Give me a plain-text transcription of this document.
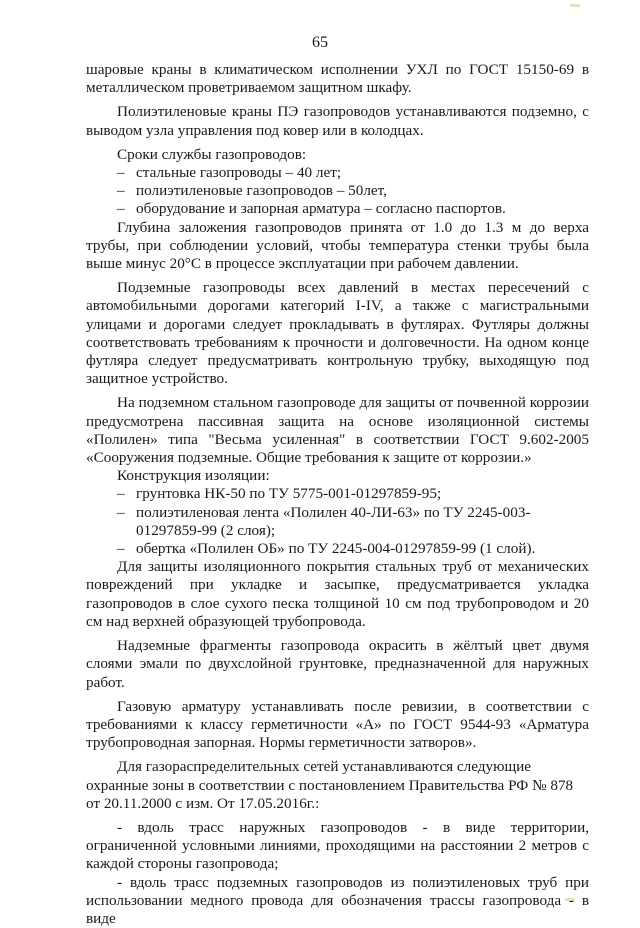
65

шаровые краны в климатическом исполнении УХЛ по ГОСТ 15150-69 в металлическом проветриваемом защитном шкафу.

Полиэтиленовые краны ПЭ газопроводов устанавливаются подземно, с выводом узла управления под ковер или в колодцах.

Сроки службы газопроводов:

– стальные газопроводы – 40 лет;

– полиэтиленовые газопроводов – 50лет,

– оборудование и запорная арматура – согласно паспортов.

Глубина заложения газопроводов принята от 1.0 до 1.3 м до верха трубы, при соблюдении условий, чтобы температура стенки трубы была выше минус 20°С в процессе эксплуатации при рабочем давлении.

Подземные газопроводы всех давлений в местах пересечений с автомобильными дорогами категорий I-IV, а также с магистральными улицами и дорогами следует прокладывать в футлярах. Футляры должны соответствовать требованиям к прочности и долговечности. На одном конце футляра следует предусматривать контрольную трубку, выходящую под защитное устройство.

На подземном стальном газопроводе для защиты от почвенной коррозии предусмотрена пассивная защита на основе изоляционной системы «Полилен» типа "Весьма усиленная" в соответствии ГОСТ 9.602-2005 «Сооружения подземные. Общие требования к защите от коррозии.»

Конструкция изоляции:

– грунтовка НК-50 по ТУ 5775-001-01297859-95;

– полиэтиленовая лента «Полилен 40-ЛИ-63» по ТУ 2245-003-01297859-99 (2 слоя);

– обертка «Полилен ОБ» по ТУ 2245-004-01297859-99 (1 слой).

Для защиты изоляционного покрытия стальных труб от механических повреждений при укладке и засыпке, предусматривается укладка газопроводов в слое сухого песка толщиной 10 см под трубопроводом и 20 см над верхней образующей трубопровода.

Надземные фрагменты газопровода окрасить в жёлтый цвет двумя слоями эмали по двухслойной грунтовке, предназначенной для наружных работ.

Газовую арматуру устанавливать после ревизии, в соответствии с требованиями к классу герметичности «А» по ГОСТ 9544-93 «Арматура трубопроводная запорная. Нормы герметичности затворов».

Для газораспределительных сетей устанавливаются следующие охранные зоны в соответствии с постановлением Правительства РФ № 878 от 20.11.2000 с изм. От 17.05.2016г.:

- вдоль трасс наружных газопроводов - в виде территории, ограниченной условными линиями, проходящими на расстоянии 2 метров с каждой стороны газопровода;

- вдоль трасс подземных газопроводов из полиэтиленовых труб при использовании медного провода для обозначения трассы газопровода - в виде
